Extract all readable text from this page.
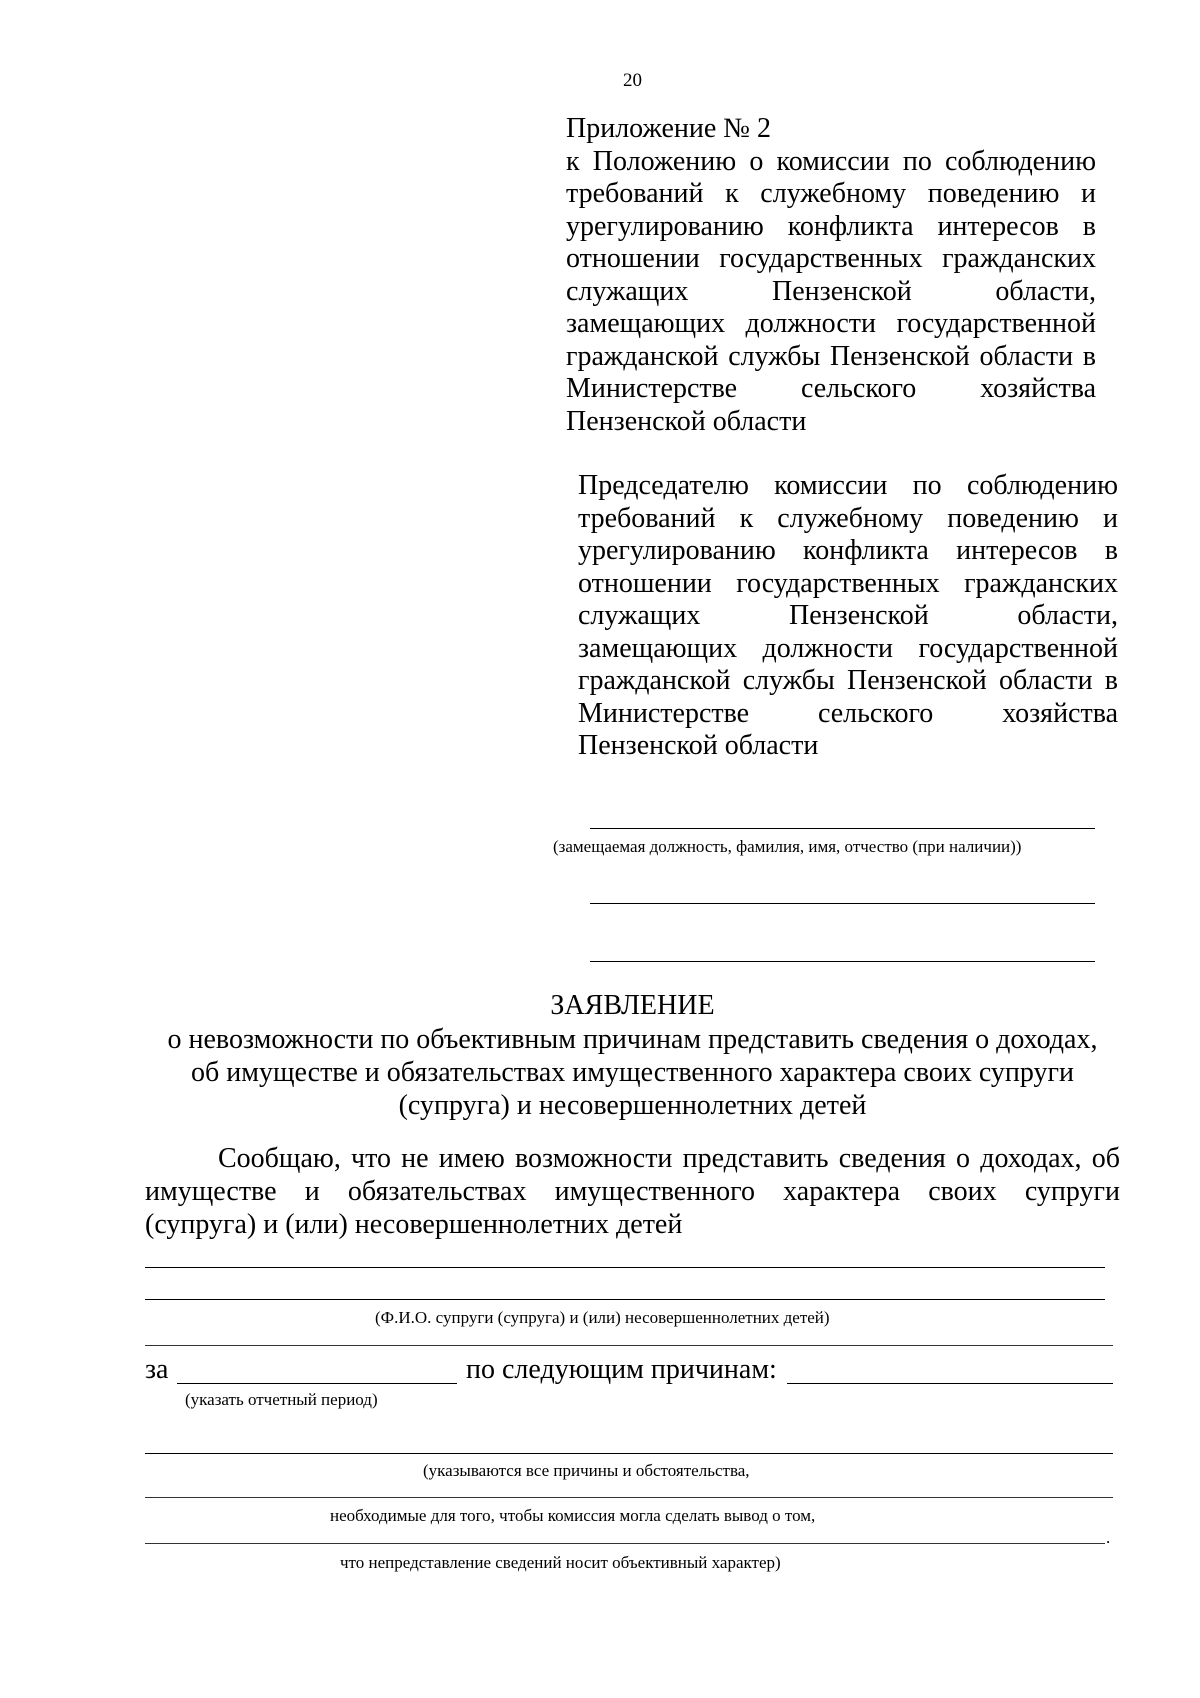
20
Приложение № 2
к Положению о комиссии по соблюдению
требований к служебному поведению и
урегулированию конфликта интересов в
отношении государственных гражданских
служащих Пензенской области,
замещающих должности государственной
гражданской службы Пензенской области в
Министерстве сельского хозяйства
Пензенской области
Председателю комиссии по соблюдению
требований к служебному поведению и
урегулированию конфликта интересов в
отношении государственных гражданских
служащих Пензенской области,
замещающих должности государственной
гражданской службы Пензенской области в
Министерстве сельского хозяйства
Пензенской области
(замещаемая должность, фамилия, имя, отчество (при наличии))
ЗАЯВЛЕНИЕ
о невозможности по объективным причинам представить сведения о доходах,
об имуществе и обязательствах имущественного характера своих супруги
(супруга) и несовершеннолетних детей
Сообщаю, что не имею возможности представить сведения о доходах, об
имуществе и обязательствах имущественного характера своих супруги
(супруга) и (или) несовершеннолетних детей
(Ф.И.О. супруги (супруга) и (или) несовершеннолетних детей)
за	по следующим причинам:
(указать отчетный период)
(указываются все причины и обстоятельства,
необходимые для того, чтобы комиссия могла сделать вывод о том,
.
что непредставление сведений носит объективный характер)
